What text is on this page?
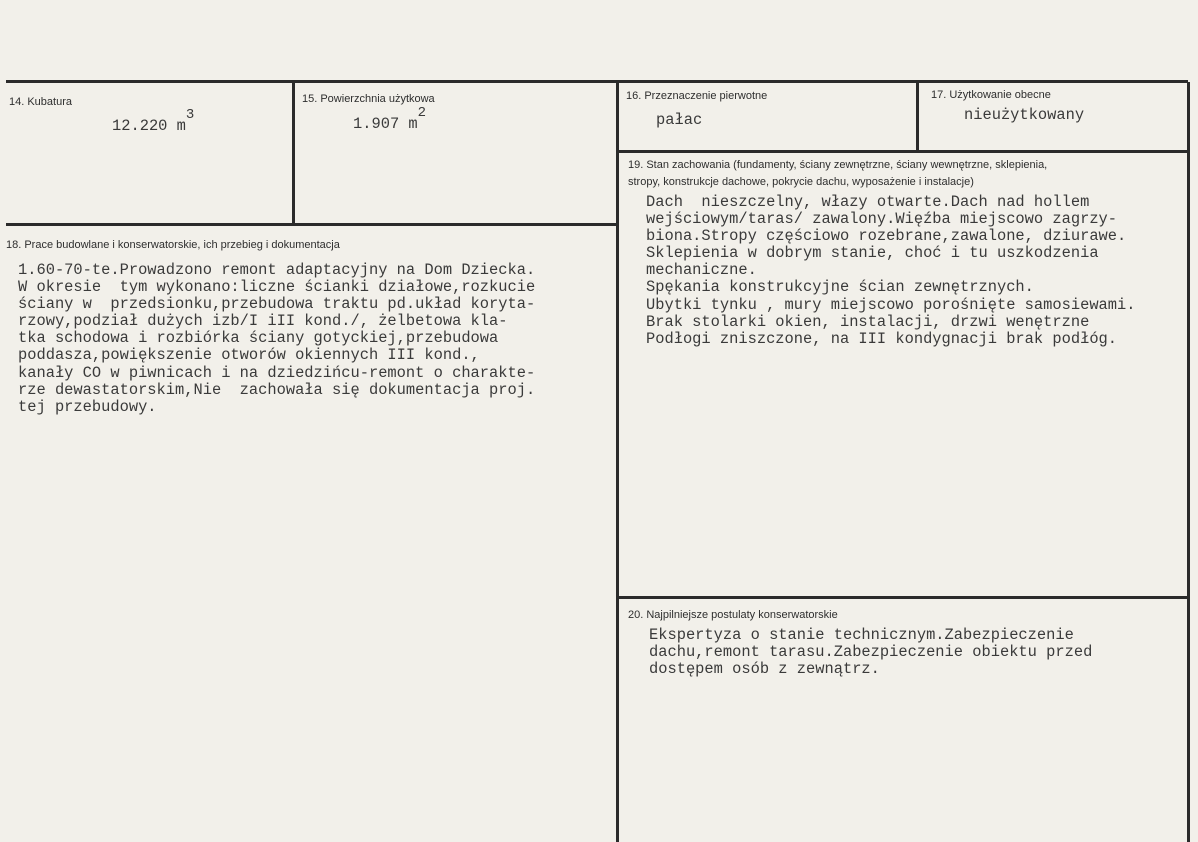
14. Kubatura
12.220 m3
15. Powierzchnia użytkowa
1.907 m2
16. Przeznaczenie pierwotne
pałac
17. Użytkowanie obecne
nieużytkowany
18. Prace budowlane i konserwatorskie, ich przebieg i dokumentacja
1.60-70-te.Prowadzono remont adaptacyjny na Dom Dziecka.
W okresie  tym wykonano:liczne ścianki działowe,rozkucie
ściany w  przedsionku,przebudowa traktu pd.układ koryta-
rzowy,podział dużych izb/I iII kond./, żelbetowa kla-
tka schodowa i rozbiórka ściany gotyckiej,przebudowa
poddasza,powiększenie otworów okiennych III kond.,
kanały CO w piwnicach i na dziedzińcu-remont o charakte-
rze dewastatorskim,Nie  zachowała się dokumentacja proj.
tej przebudowy.
19. Stan zachowania (fundamenty, ściany zewnętrzne, ściany wewnętrzne, sklepienia,
stropy, konstrukcje dachowe, pokrycie dachu, wyposażenie i instalacje)
Dach  nieszczelny, włazy otwarte.Dach nad hollem
wejściowym/taras/ zawalony.Więźba miejscowo zagrzy-
biona.Stropy częściowo rozebrane,zawalone, dziurawe.
Sklepienia w dobrym stanie, choć i tu uszkodzenia
mechaniczne.
Spękania konstrukcyjne ścian zewnętrznych.
Ubytki tynku , mury miejscowo porośnięte samosiewami.
Brak stolarki okien, instalacji, drzwi wenętrzne
Podłogi zniszczone, na III kondygnacji brak podłóg.
20. Najpilniejsze postulaty konserwatorskie
Ekspertyza o stanie technicznym.Zabezpieczenie
dachu,remont tarasu.Zabezpieczenie obiektu przed
dostępem osób z zewnątrz.
